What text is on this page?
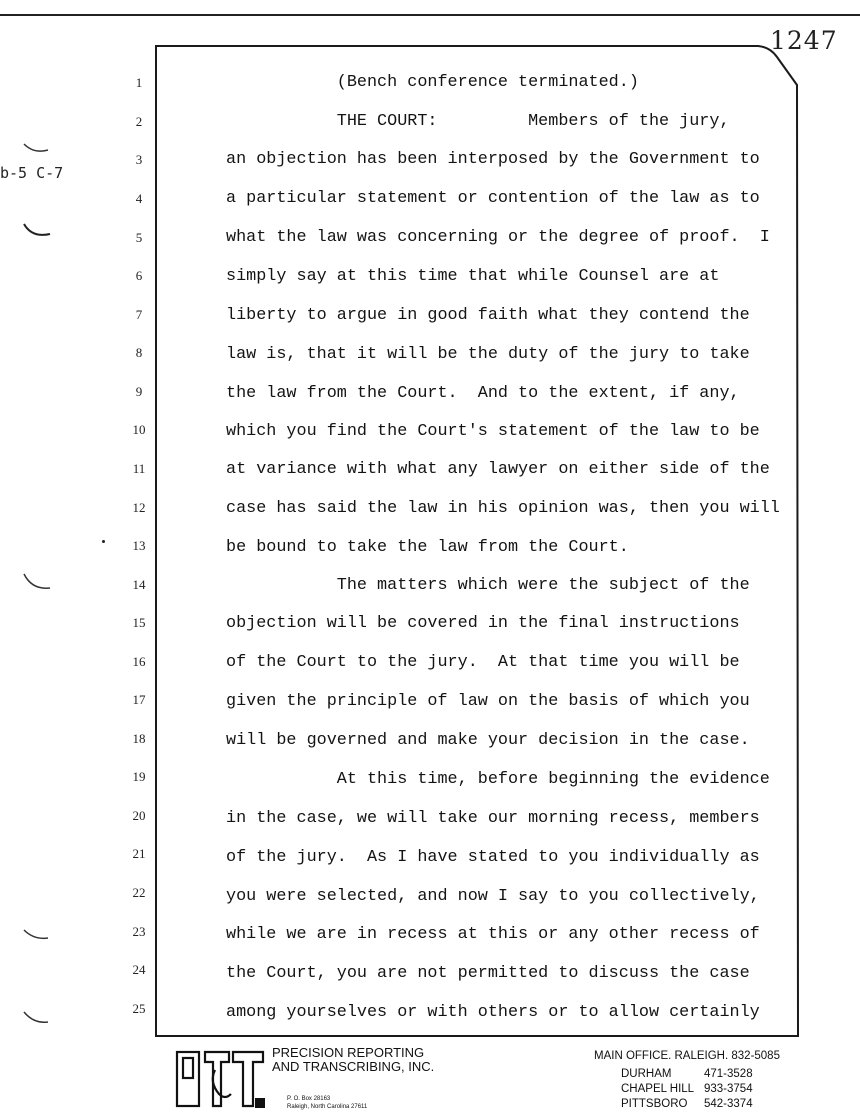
1247
b-5 C-7
1	(Bench conference terminated.)
2	THE COURT:         Members of the jury,
3	an objection has been interposed by the Government to
4	a particular statement or contention of the law as to
5	what the law was concerning or the degree of proof.  I
6	simply say at this time that while Counsel are at
7	liberty to argue in good faith what they contend the
8	law is, that it will be the duty of the jury to take
9	the law from the Court.  And to the extent, if any,
10	which you find the Court's statement of the law to be
11	at variance with what any lawyer on either side of the
12	case has said the law in his opinion was, then you will
13	be bound to take the law from the Court.
14	The matters which were the subject of the
15	objection will be covered in the final instructions
16	of the Court to the jury.  At that time you will be
17	given the principle of law on the basis of which you
18	will be governed and make your decision in the case.
19	At this time, before beginning the evidence
20	in the case, we will take our morning recess, members
21	of the jury.  As I have stated to you individually as
22	you were selected, and now I say to you collectively,
23	while we are in recess at this or any other recess of
24	the Court, you are not permitted to discuss the case
25	among yourselves or with others or to allow certainly
PRECISION REPORTING
AND TRANSCRIBING, INC.
P. O. Box 28163
Raleigh, North Carolina 27611
MAIN OFFICE. RALEIGH. 832-5085
DURHAM	471-3528
CHAPEL HILL 933-3754
PITTSBORO 542-3374
